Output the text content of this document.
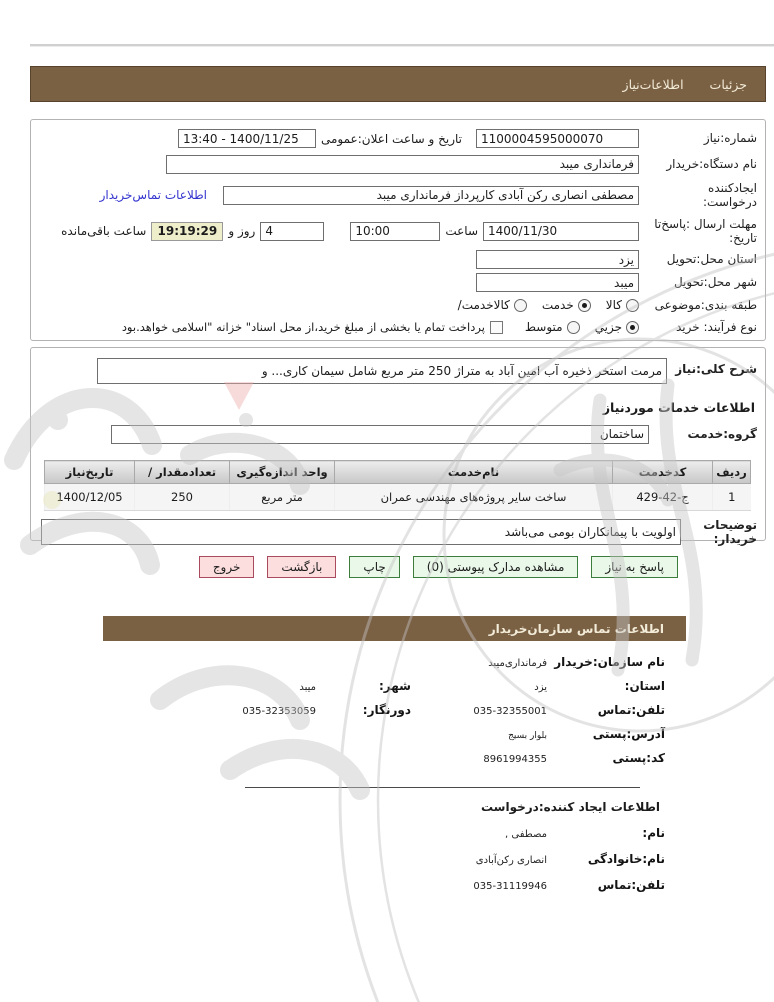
جزئیات
اطلاعات‌نیاز
شماره:نیاز
1100004595000070
تاریخ و ساعت اعلان:عمومی
1400/11/25 - 13:40
نام دستگاه:خریدار
فرمانداری میبد
ایجادکننده
درخواست:
مصطفی انصاری رکن آبادی کارپرداز فرمانداری میبد
اطلاعات تماس‌خریدار
مهلت ارسال :پاسخ‌تا
تاریخ:
1400/11/30
ساعت
10:00
4
روز و
19:19:29
ساعت باقی‌مانده
استان محل:تحویل
یزد
شهر محل:تحویل
میبد
طبقه بندی:موضوعی
کالا
خدمت
کالاخدمت/
نوع فرآیند: خرید
جزیي
متوسط
پرداخت تمام یا بخشی از مبلغ خرید،از محل اسناد" خزانه "اسلامی خواهد.بود
شرح کلی:نیاز
مرمت استخر ذخیره آب امین آباد به متراژ 250 متر مربع شامل سیمان کاری... و
اطلاعات خدمات موردنیاز
گروه:خدمت
ساختمان
ردیف	کدخدمت	نام‌خدمت	واحد اندازه‌گیری	تعدادمقدار /	تاریخ‌نیاز
1	ج-42-429	ساخت سایر پروژه‌های مهندسی عمران	متر مربع	250	1400/12/05
توضیحات
خریدار:
اولویت با پیمانکاران بومی می‌باشد
پاسخ به نیاز
مشاهده مدارک پیوستی (0)
چاپ
بازگشت
خروج
اطلاعات تماس سازمان‌خریدار
نام سازمان:خریدار
فرمانداری‌میبد
استان:
یزد
شهر:
میبد
تلفن:تماس
035-32355001
دورنگار:
035-32353059
آدرس:پستی
بلوار بسیج
کد:پستی
8961994355
اطلاعات ایجاد کننده:درخواست
نام:
مصطفی ,
نام:خانوادگی
انصاری رکن‌آبادی
تلفن:تماس
035-31119946
